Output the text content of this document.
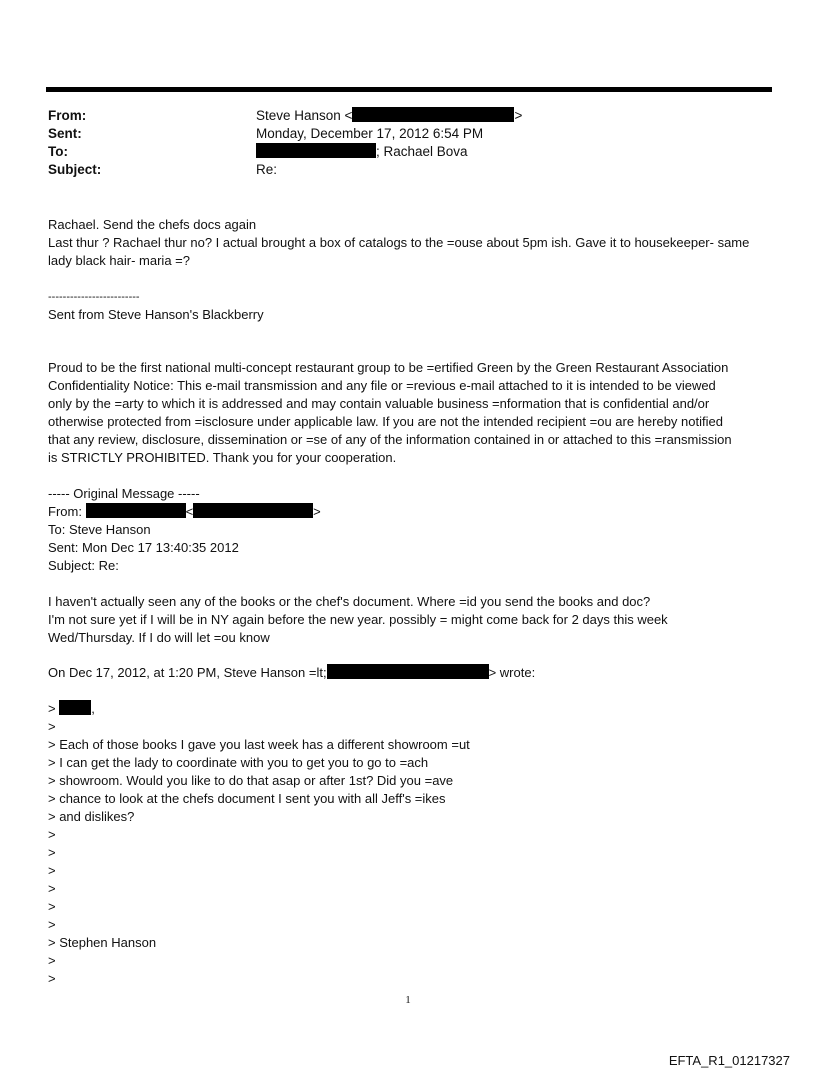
From:	Steve Hanson <	>
Sent:	Monday, December 17, 2012 6:54 PM
To:	; Rachael Bova
Subject:	Re:
Rachael. Send the chefs docs again
Last thur ? Rachael thur no? I actual brought a box of catalogs to the =ouse about 5pm ish. Gave it to housekeeper- same
lady black hair- maria =?
-------------------------
Sent from Steve Hanson's Blackberry
Proud to be the first national multi-concept restaurant group to be =ertified Green by the Green Restaurant Association
Confidentiality Notice: This e-mail transmission and any file or =revious e-mail attached to it is intended to be viewed
only by the =arty to which it is addressed and may contain valuable business =nformation that is confidential and/or
otherwise protected from =isclosure under applicable law. If you are not the intended recipient =ou are hereby notified
that any review, disclosure, dissemination or =se of any of the information contained in or attached to this =ransmission
is STRICTLY PROHIBITED. Thank you for your cooperation.
----- Original Message -----
From:	<	>
To: Steve Hanson
Sent: Mon Dec 17 13:40:35 2012
Subject: Re:
I haven't actually seen any of the books or the chef's document. Where =id you send the books and doc?
I'm not sure yet if I will be in NY again before the new year. possibly = might come back for 2 days this week
Wed/Thursday. If I do will let =ou know
On Dec 17, 2012, at 1:20 PM, Steve Hanson =lt;	> wrote:
> ,
>
> Each of those books I gave you last week has a different showroom =ut
> I can get the lady to coordinate with you to get you to go to =ach
> showroom. Would you like to do that asap or after 1st? Did you =ave
> chance to look at the chefs document I sent you with all Jeff's =ikes
> and dislikes?
>
>
>
>
>
>
> Stephen Hanson
>
>
1
EFTA_R1_01217327
